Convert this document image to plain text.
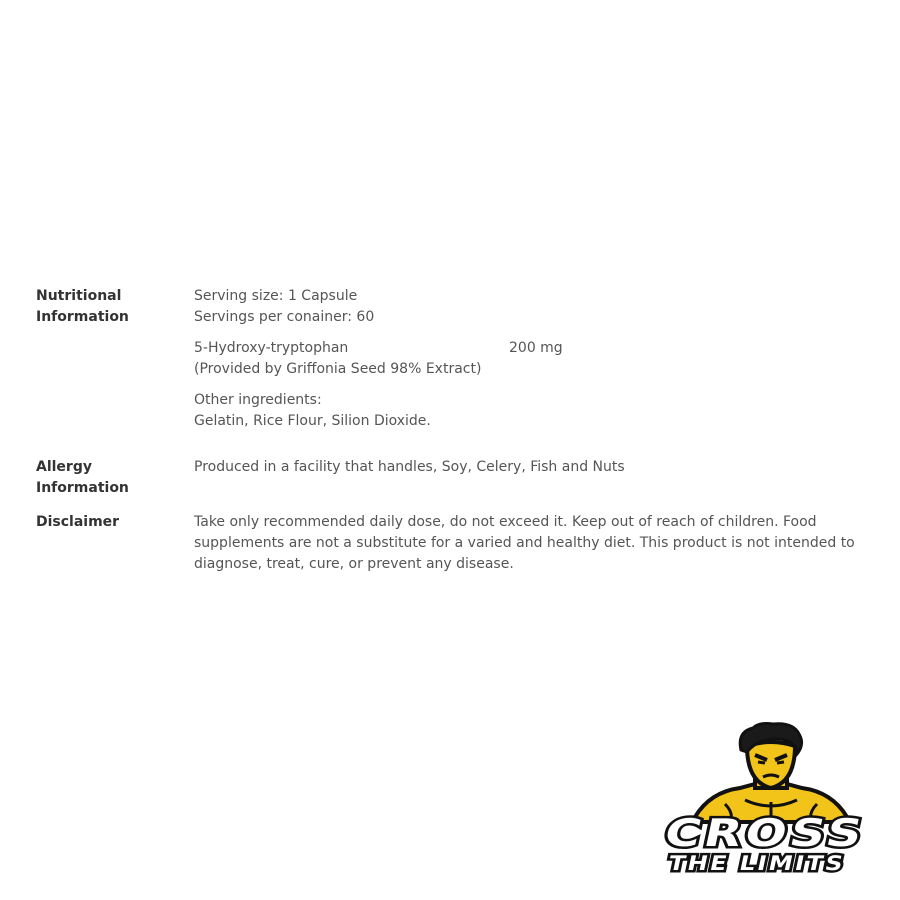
Nutritional
Information
Serving size: 1 Capsule
Servings per conainer: 60
5-Hydroxy-tryptophan	200 mg
(Provided by Griffonia Seed 98% Extract)
Other ingredients:
Gelatin, Rice Flour, Silion Dioxide.
Allergy
Information
Produced in a facility that handles, Soy, Celery, Fish and Nuts
Disclaimer	Take only recommended daily dose, do not exceed it. Keep out of reach of children. Food supplements are not a substitute for a varied and healthy diet. This product is not intended to diagnose, treat, cure, or prevent any disease.
CROSS
THE LIMITS
